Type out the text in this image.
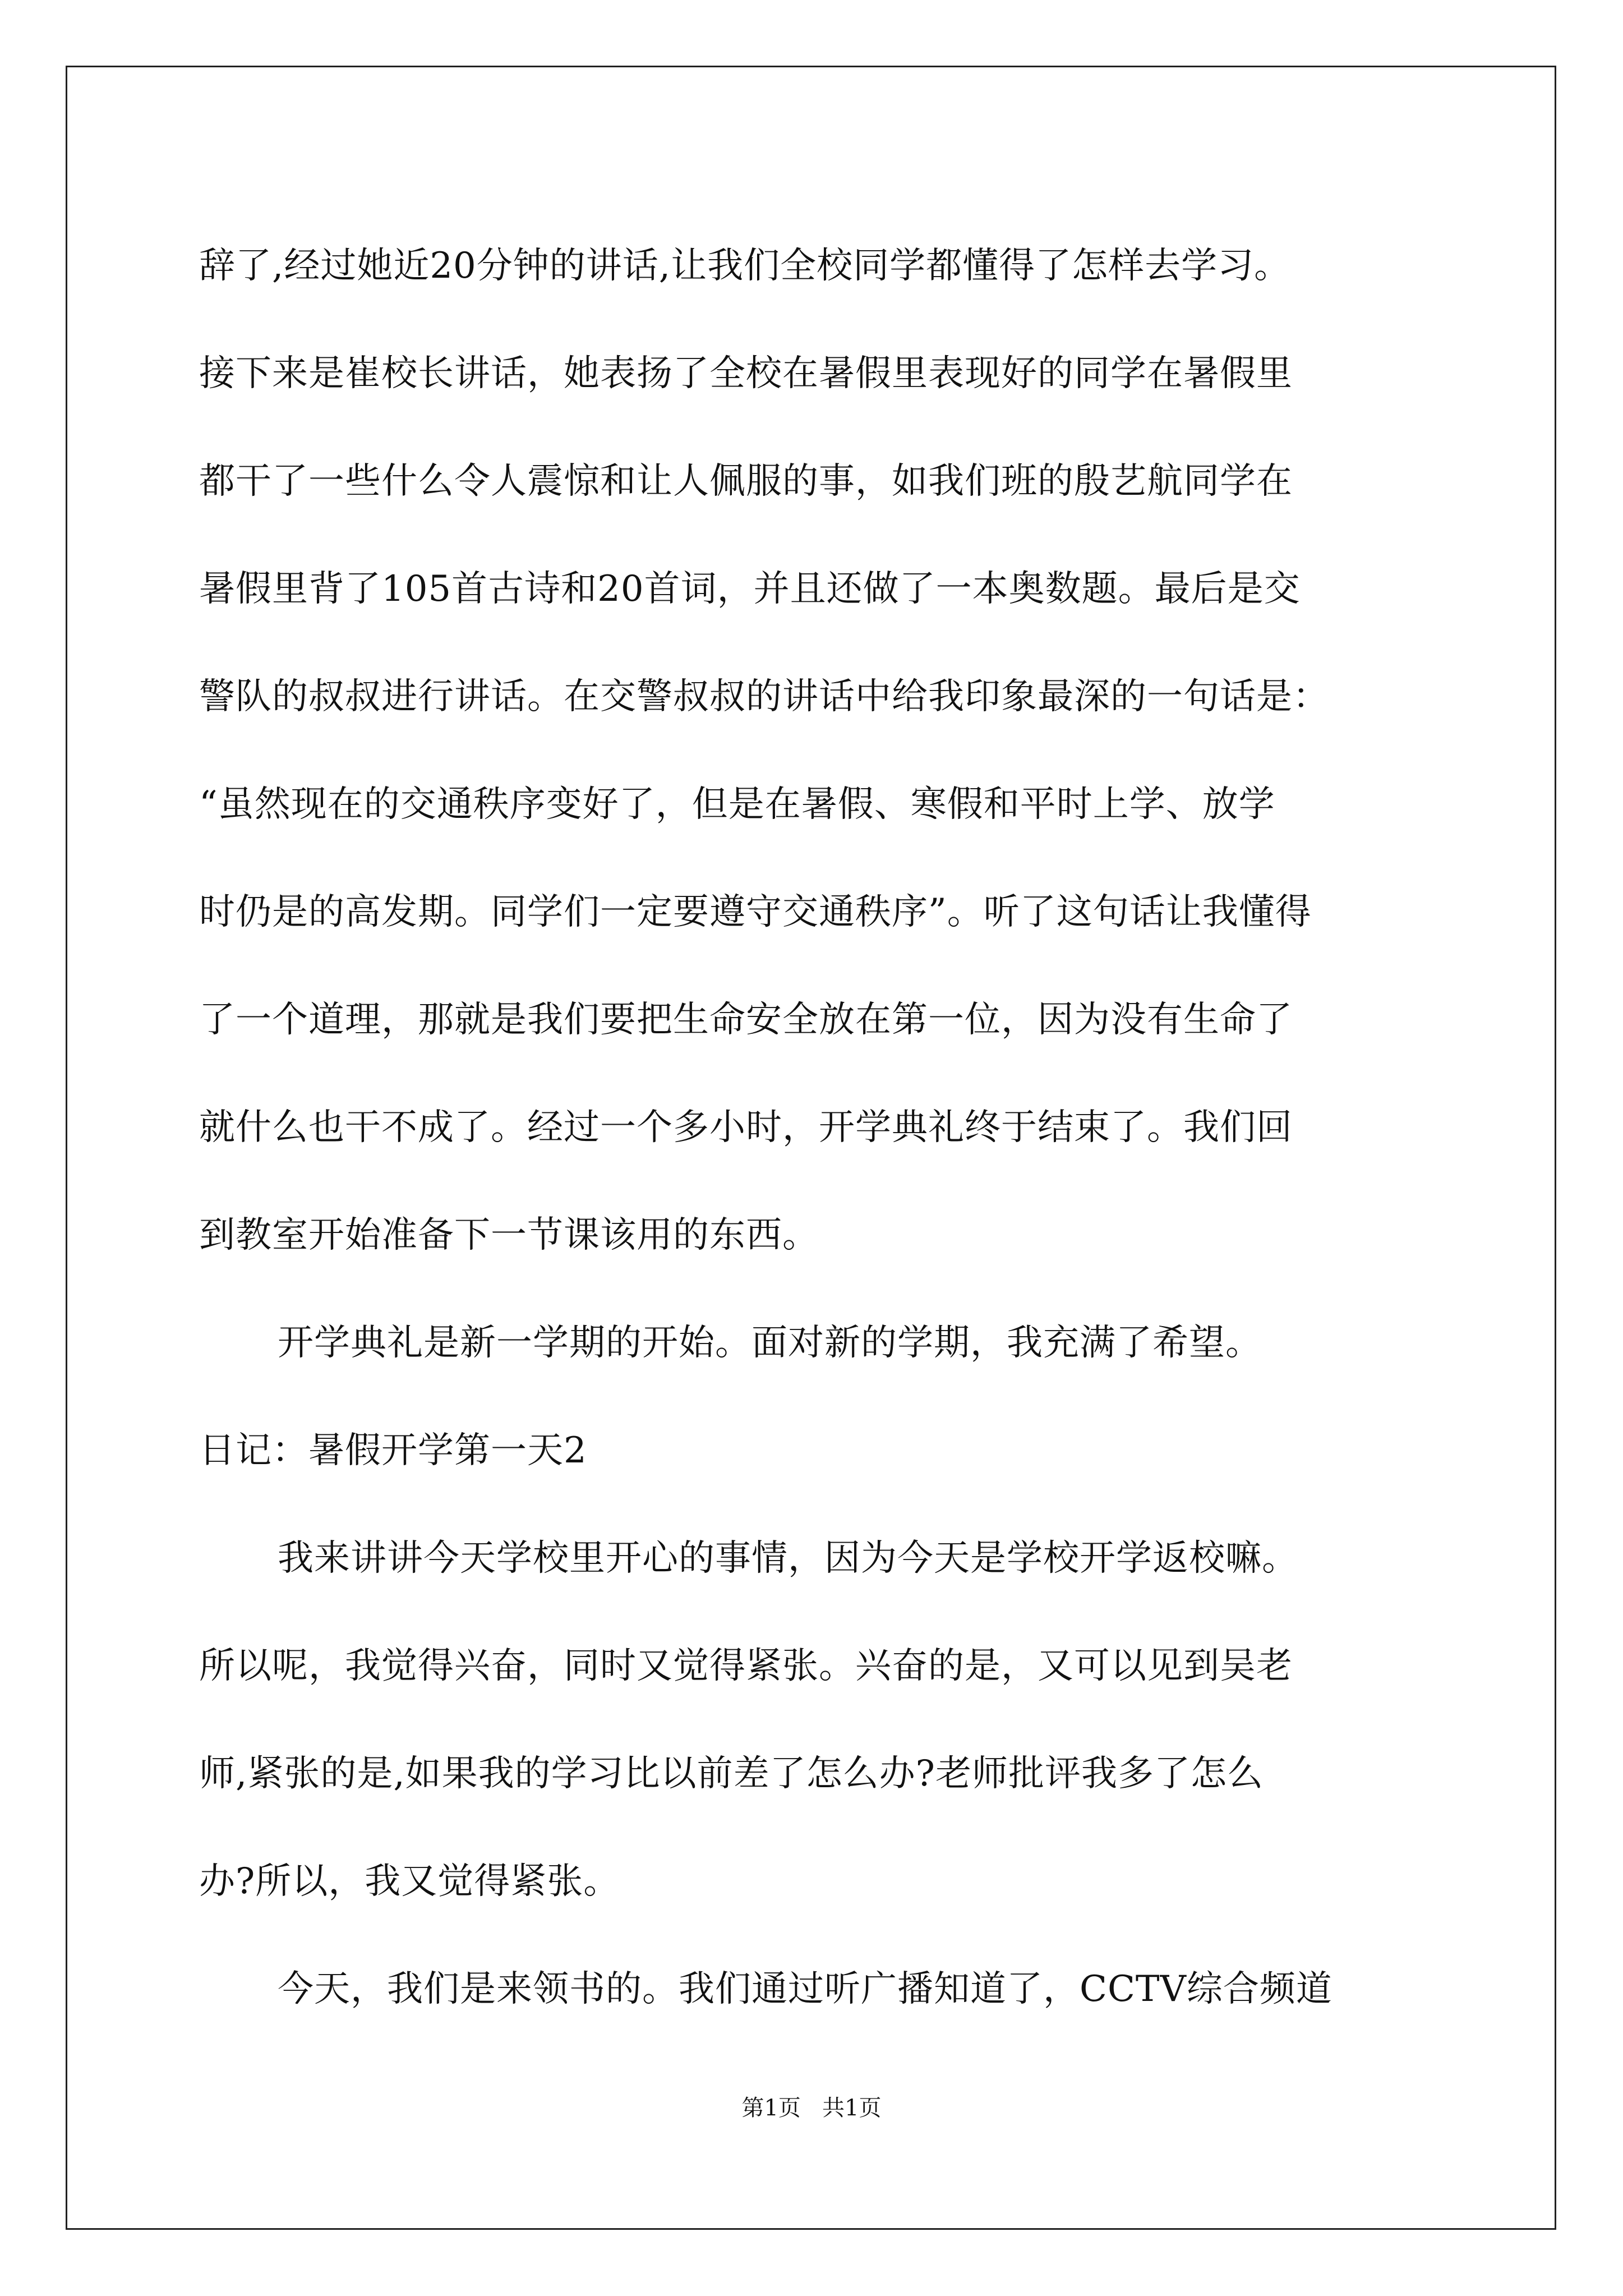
辞了,经过她近20分钟的讲话,让我们全校同学都懂得了怎样去学习。
接下来是崔校长讲话，她表扬了全校在暑假里表现好的同学在暑假里
都干了一些什么令人震惊和让人佩服的事，如我们班的殷艺航同学在
暑假里背了105首古诗和20首词，并且还做了一本奥数题。最后是交
警队的叔叔进行讲话。在交警叔叔的讲话中给我印象最深的一句话是：
“虽然现在的交通秩序变好了，但是在暑假、寒假和平时上学、放学
时仍是的高发期。同学们一定要遵守交通秩序”。听了这句话让我懂得
了一个道理，那就是我们要把生命安全放在第一位，因为没有生命了
就什么也干不成了。经过一个多小时，开学典礼终于结束了。我们回
到教室开始准备下一节课该用的东西。
开学典礼是新一学期的开始。面对新的学期，我充满了希望。
日记：暑假开学第一天2
我来讲讲今天学校里开心的事情，因为今天是学校开学返校嘛。
所以呢，我觉得兴奋，同时又觉得紧张。兴奋的是，又可以见到吴老
师,紧张的是,如果我的学习比以前差了怎么办?老师批评我多了怎么
办?所以，我又觉得紧张。
今天，我们是来领书的。我们通过听广播知道了，CCTV综合频道
第1页   共1页
